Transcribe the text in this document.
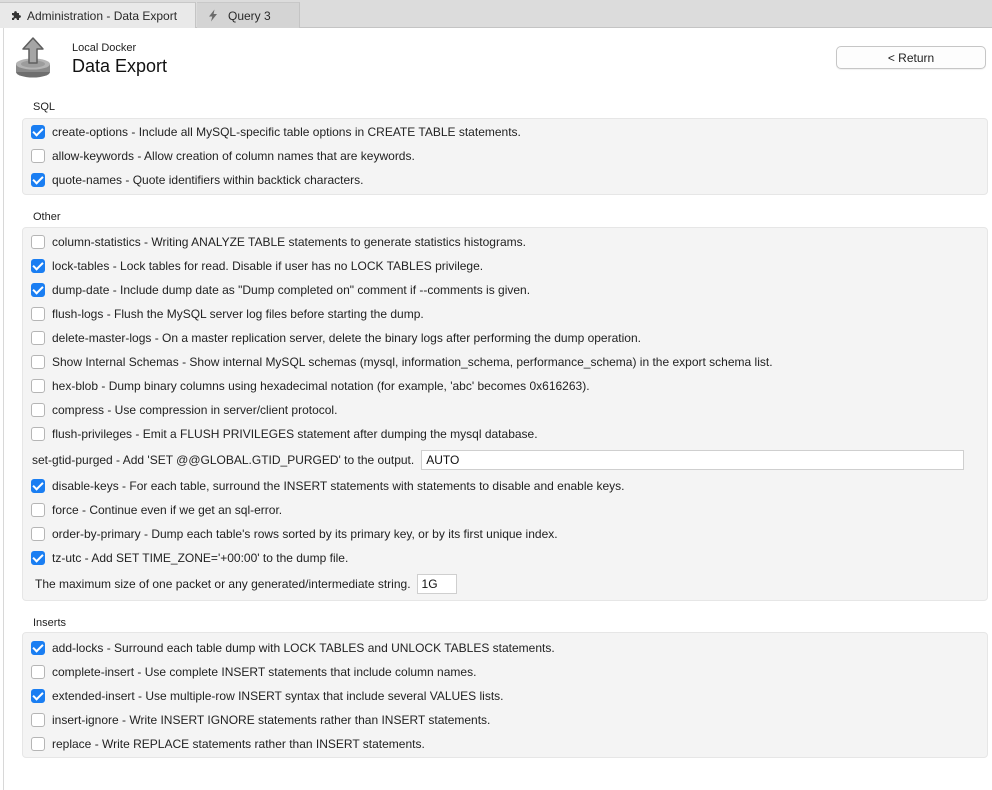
Administration - Data Export	Query 3
Local Docker
Data Export	< Return
SQL
create-options - Include all MySQL-specific table options in CREATE TABLE statements.
allow-keywords - Allow creation of column names that are keywords.
quote-names - Quote identifiers within backtick characters.
Other
column-statistics - Writing ANALYZE TABLE statements to generate statistics histograms.
lock-tables - Lock tables for read. Disable if user has no LOCK TABLES privilege.
dump-date - Include dump date as "Dump completed on" comment if --comments is given.
flush-logs - Flush the MySQL server log files before starting the dump.
delete-master-logs - On a master replication server, delete the binary logs after performing the dump operation.
Show Internal Schemas - Show internal MySQL schemas (mysql, information_schema, performance_schema) in the export schema list.
hex-blob - Dump binary columns using hexadecimal notation (for example, 'abc' becomes 0x616263).
compress - Use compression in server/client protocol.
flush-privileges - Emit a FLUSH PRIVILEGES statement after dumping the mysql database.
set-gtid-purged - Add 'SET @@GLOBAL.GTID_PURGED' to the output.
AUTO
disable-keys - For each table, surround the INSERT statements with statements to disable and enable keys.
force - Continue even if we get an sql-error.
order-by-primary - Dump each table's rows sorted by its primary key, or by its first unique index.
tz-utc - Add SET TIME_ZONE='+00:00' to the dump file.
The maximum size of one packet or any generated/intermediate string.
1G
Inserts
add-locks - Surround each table dump with LOCK TABLES and UNLOCK TABLES statements.
complete-insert - Use complete INSERT statements that include column names.
extended-insert - Use multiple-row INSERT syntax that include several VALUES lists.
insert-ignore - Write INSERT IGNORE statements rather than INSERT statements.
replace - Write REPLACE statements rather than INSERT statements.
